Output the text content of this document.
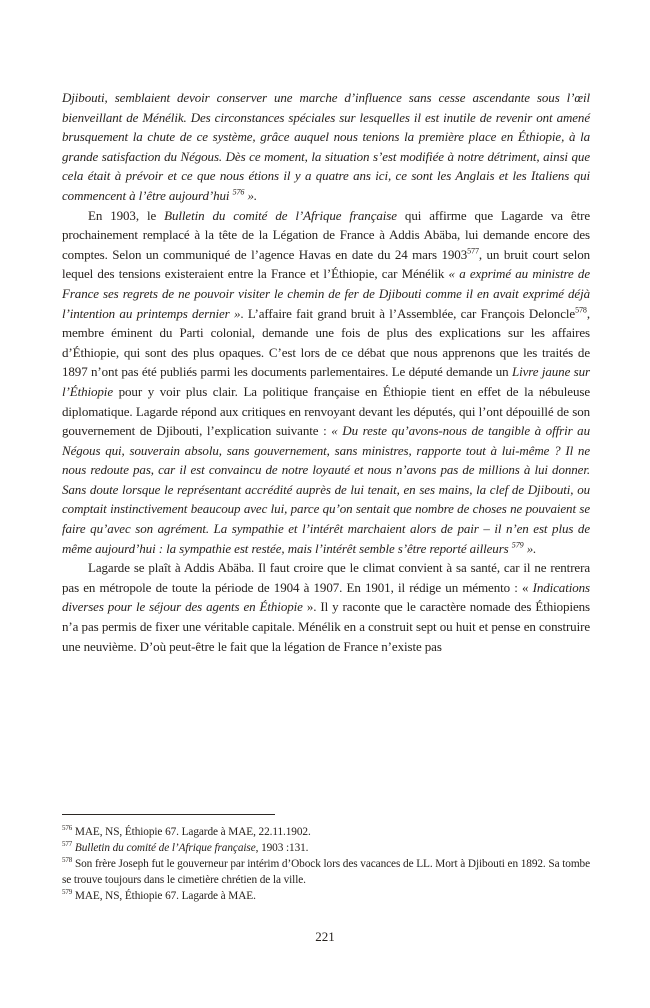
Djibouti, semblaient devoir conserver une marche d’influence sans cesse ascendante sous l’œil bienveillant de Ménélik. Des circonstances spéciales sur lesquelles il est inutile de revenir ont amené brusquement la chute de ce système, grâce auquel nous tenions la première place en Éthiopie, à la grande satisfaction du Négous. Dès ce moment, la situation s’est modifiée à notre détriment, ainsi que cela était à prévoir et ce que nous étions il y a quatre ans ici, ce sont les Anglais et les Italiens qui commencent à l’être aujourd’hui $^{576}$ ».

En 1903, le Bulletin du comité de l’Afrique française qui affirme que Lagarde va être prochainement remplacé à la tête de la Légation de France à Addis Abäba, lui demande encore des comptes. Selon un communiqué de l’agence Havas en date du 24 mars 1903$^{577}$, un bruit court selon lequel des tensions existeraient entre la France et l’Éthiopie, car Ménélik « a exprimé au ministre de France ses regrets de ne pouvoir visiter le chemin de fer de Djibouti comme il en avait exprimé déjà l’intention au printemps dernier ». L’affaire fait grand bruit à l’Assemblée, car François Deloncle$^{578}$, membre éminent du Parti colonial, demande une fois de plus des explications sur les affaires d’Éthiopie, qui sont des plus opaques. C’est lors de ce débat que nous apprenons que les traités de 1897 n’ont pas été publiés parmi les documents parlementaires. Le député demande un Livre jaune sur l’Éthiopie pour y voir plus clair. La politique française en Éthiopie tient en effet de la nébuleuse diplomatique. Lagarde répond aux critiques en renvoyant devant les députés, qui l’ont dépouillé de son gouvernement de Djibouti, l’explication suivante : « Du reste qu’avons-nous de tangible à offrir au Négous qui, souverain absolu, sans gouvernement, sans ministres, rapporte tout à lui-même ? Il ne nous redoute pas, car il est convaincu de notre loyauté et nous n’avons pas de millions à lui donner. Sans doute lorsque le représentant accrédité auprès de lui tenait, en ses mains, la clef de Djibouti, ou comptait instinctivement beaucoup avec lui, parce qu’on sentait que nombre de choses ne pouvaient se faire qu’avec son agrément. La sympathie et l’intérêt marchaient alors de pair – il n’en est plus de même aujourd’hui : la sympathie est restée, mais l’intérêt semble s’être reporté ailleurs $^{579}$ ».

Lagarde se plaît à Addis Abäba. Il faut croire que le climat convient à sa santé, car il ne rentrera pas en métropole de toute la période de 1904 à 1907. En 1901, il rédige un mémento : « Indications diverses pour le séjour des agents en Éthiopie ». Il y raconte que le caractère nomade des Éthiopiens n’a pas permis de fixer une véritable capitale. Ménélik en a construit sept ou huit et pense en construire une neuvième. D’où peut-être le fait que la légation de France n’existe pas

$^{576}$ MAE, NS, Éthiopie 67. Lagarde à MAE, 22.11.1902.
$^{577}$ Bulletin du comité de l’Afrique française, 1903 :131.
$^{578}$ Son frère Joseph fut le gouverneur par intérim d’Obock lors des vacances de LL. Mort à Djibouti en 1892. Sa tombe se trouve toujours dans le cimetière chrétien de la ville.
$^{579}$ MAE, NS, Éthiopie 67. Lagarde à MAE.
221
